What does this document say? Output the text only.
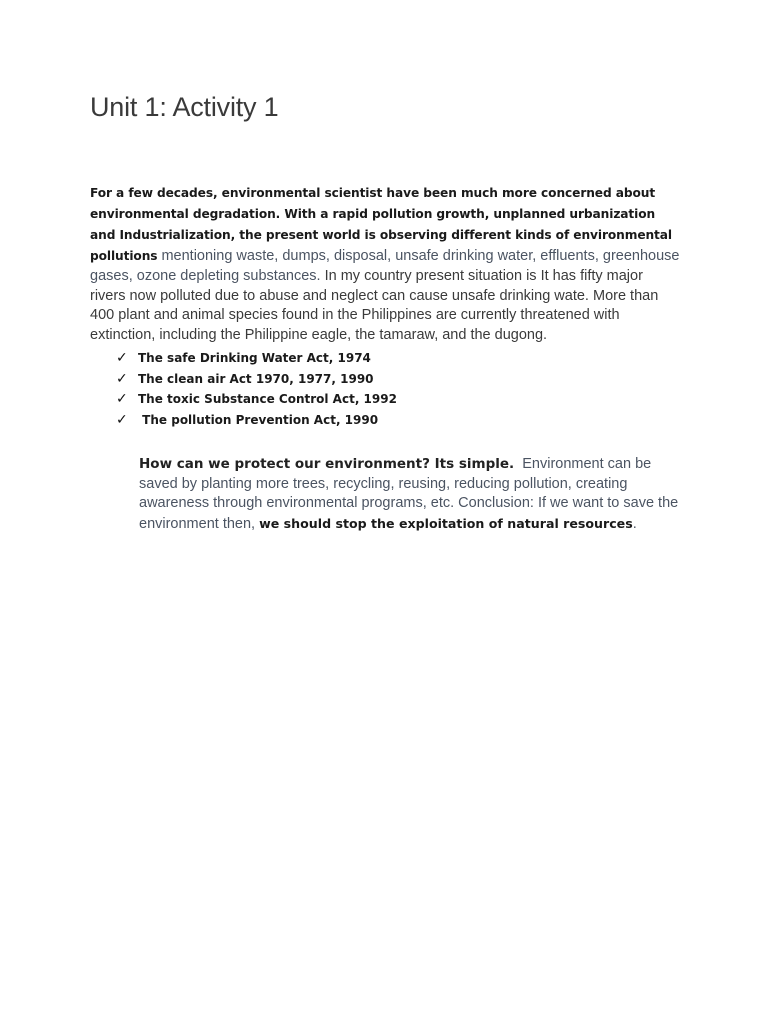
Unit 1: Activity 1

For a few decades, environmental scientist have been much more concerned about environmental degradation. With a rapid pollution growth, unplanned urbanization and Industrialization, the present world is observing different kinds of environmental pollutions mentioning waste, dumps, disposal, unsafe drinking water, effluents, greenhouse gases, ozone depleting substances. In my country present situation is It has fifty major rivers now polluted due to abuse and neglect can cause unsafe drinking wate. More than 400 plant and animal species found in the Philippines are currently threatened with extinction, including the Philippine eagle, the tamaraw, and the dugong.

✓ The safe Drinking Water Act, 1974
✓ The clean air Act 1970, 1977, 1990
✓ The toxic Substance Control Act, 1992
✓ The pollution Prevention Act, 1990

How can we protect our environment? Its simple.  Environment can be saved by planting more trees, recycling, reusing, reducing pollution, creating awareness through environmental programs, etc. Conclusion: If we want to save the environment then, we should stop the exploitation of natural resources.
